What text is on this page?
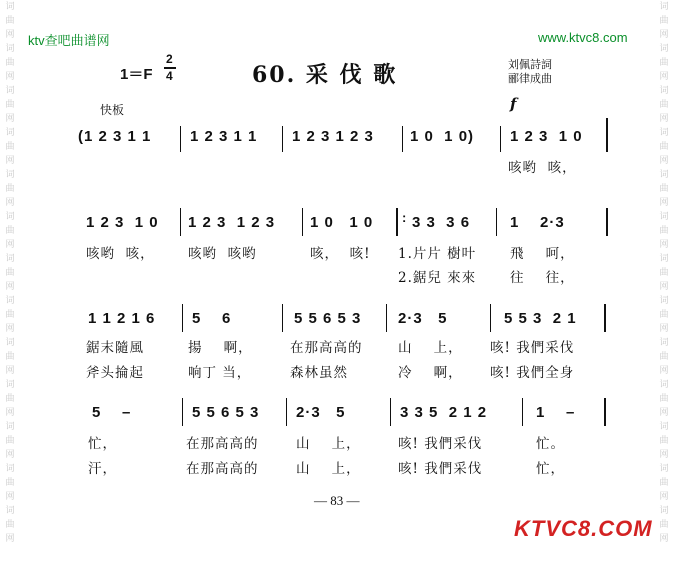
词曲网词曲网词曲网词曲网词曲网词曲网词曲网词曲网词曲网词曲网词曲网词曲网词曲网
词曲网词曲网词曲网词曲网词曲网词曲网词曲网词曲网词曲网词曲网词曲网词曲网词曲网
ktv查吧曲谱网	www.ktvc8.com
1＝F
2
4	60. 采 伐 歌	刘佩詩詞
郦律成曲
快板	f
(1 2 3 1 1	1 2 3 1 1 1 2 3 1 2 3 1 0  1 0) 1 2 3  1 0
咳哟  咳，
1 2 3  1 0 1 2 3  1 2 3 1 0   1 0 : 3 3  3 6	1    2·3
咳哟  咳， 咳哟  咳哟	咳，  咳! 1.片片 樹叶	飛    呵，
2.鋸兒 來來	往    往，
1 1 2 1 6 5    6	5 5 6 5 3 2·3   5	5 5 3  2 1
鋸末隨風	揚    啊，	在那高高的	山    上， 咳! 我們采伐
斧头掄起	响丁 当，	森林虽然	冷    啊， 咳! 我們全身
5    –	5 5 6 5 3 2·3   5	3 3 5  2 1 2	1    –
忙，	在那高高的	山    上，	咳! 我們采伐	忙。
汗，	在那高高的	山    上，	咳! 我們采伐	忙，
— 83 —
KTVC8.COM
